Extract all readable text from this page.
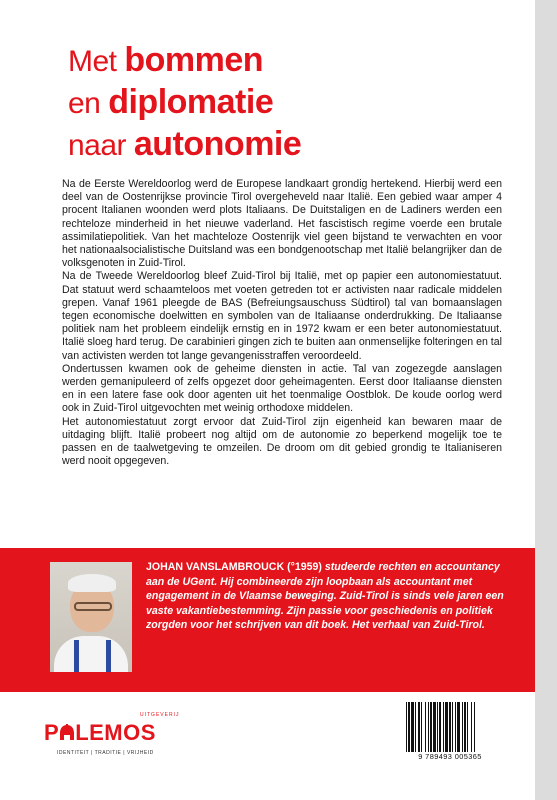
Met bommen
en diplomatie
naar autonomie

Na de Eerste Wereldoorlog werd de Europese landkaart grondig hertekend. Hierbij werd een deel van de Oostenrijkse provincie Tirol overgeheveld naar Italië. Een gebied waar amper 4 procent Italianen woonden werd plots Italiaans. De Duitstaligen en de Ladiners werden een rechteloze minderheid in het nieuwe vaderland. Het fascistisch regime voerde een brutale assimilatiepolitiek. Van het machteloze Oostenrijk viel geen bijstand te verwachten en voor het nationaalsocialistische Duitsland was een bondgenootschap met Italië belangrijker dan de volksgenoten in Zuid-Tirol.

Na de Tweede Wereldoorlog bleef Zuid-Tirol bij Italië, met op papier een autonomiestatuut. Dat statuut werd schaamteloos met voeten getreden tot er activisten naar radicale middelen grepen. Vanaf 1961 pleegde de BAS (Befreiungsauschuss Südtirol) tal van bomaanslagen tegen economische doelwitten en symbolen van de Italiaanse onderdrukking. De Italiaanse politiek nam het probleem eindelijk ernstig en in 1972 kwam er een beter autonomiestatuut. Italië sloeg hard terug. De carabinieri gingen zich te buiten aan onmenselijke folteringen en tal van activisten werden tot lange gevangenisstraffen veroordeeld.

Ondertussen kwamen ook de geheime diensten in actie. Tal van zogezegde aanslagen werden gemanipuleerd of zelfs opgezet door geheimagenten. Eerst door Italiaanse diensten en in een latere fase ook door agenten uit het toenmalige Oostblok. De koude oorlog werd ook in Zuid-Tirol uitgevochten met weinig orthodoxe middelen.

Het autonomiestatuut zorgt ervoor dat Zuid-Tirol zijn eigenheid kan bewaren maar de uitdaging blijft. Italië probeert nog altijd om de autonomie zo beperkend mogelijk toe te passen en de taalwetgeving te omzeilen. De droom om dit gebied grondig te Italianiseren werd nooit opgegeven.

JOHAN VANSLAMBROUCK (°1959) studeerde rechten en accountancy aan de UGent. Hij combineerde zijn loopbaan als accountant met engagement in de Vlaamse beweging. Zuid-Tirol is sinds vele jaren een vaste vakantiebestemming. Zijn passie voor geschiedenis en politiek zorgden voor het schrijven van dit boek. Het verhaal van Zuid-Tirol.
UITGEVERIJ
P LEMOS
IDENTITEIT | TRADITIE | VRIJHEID	9 789493 005365
